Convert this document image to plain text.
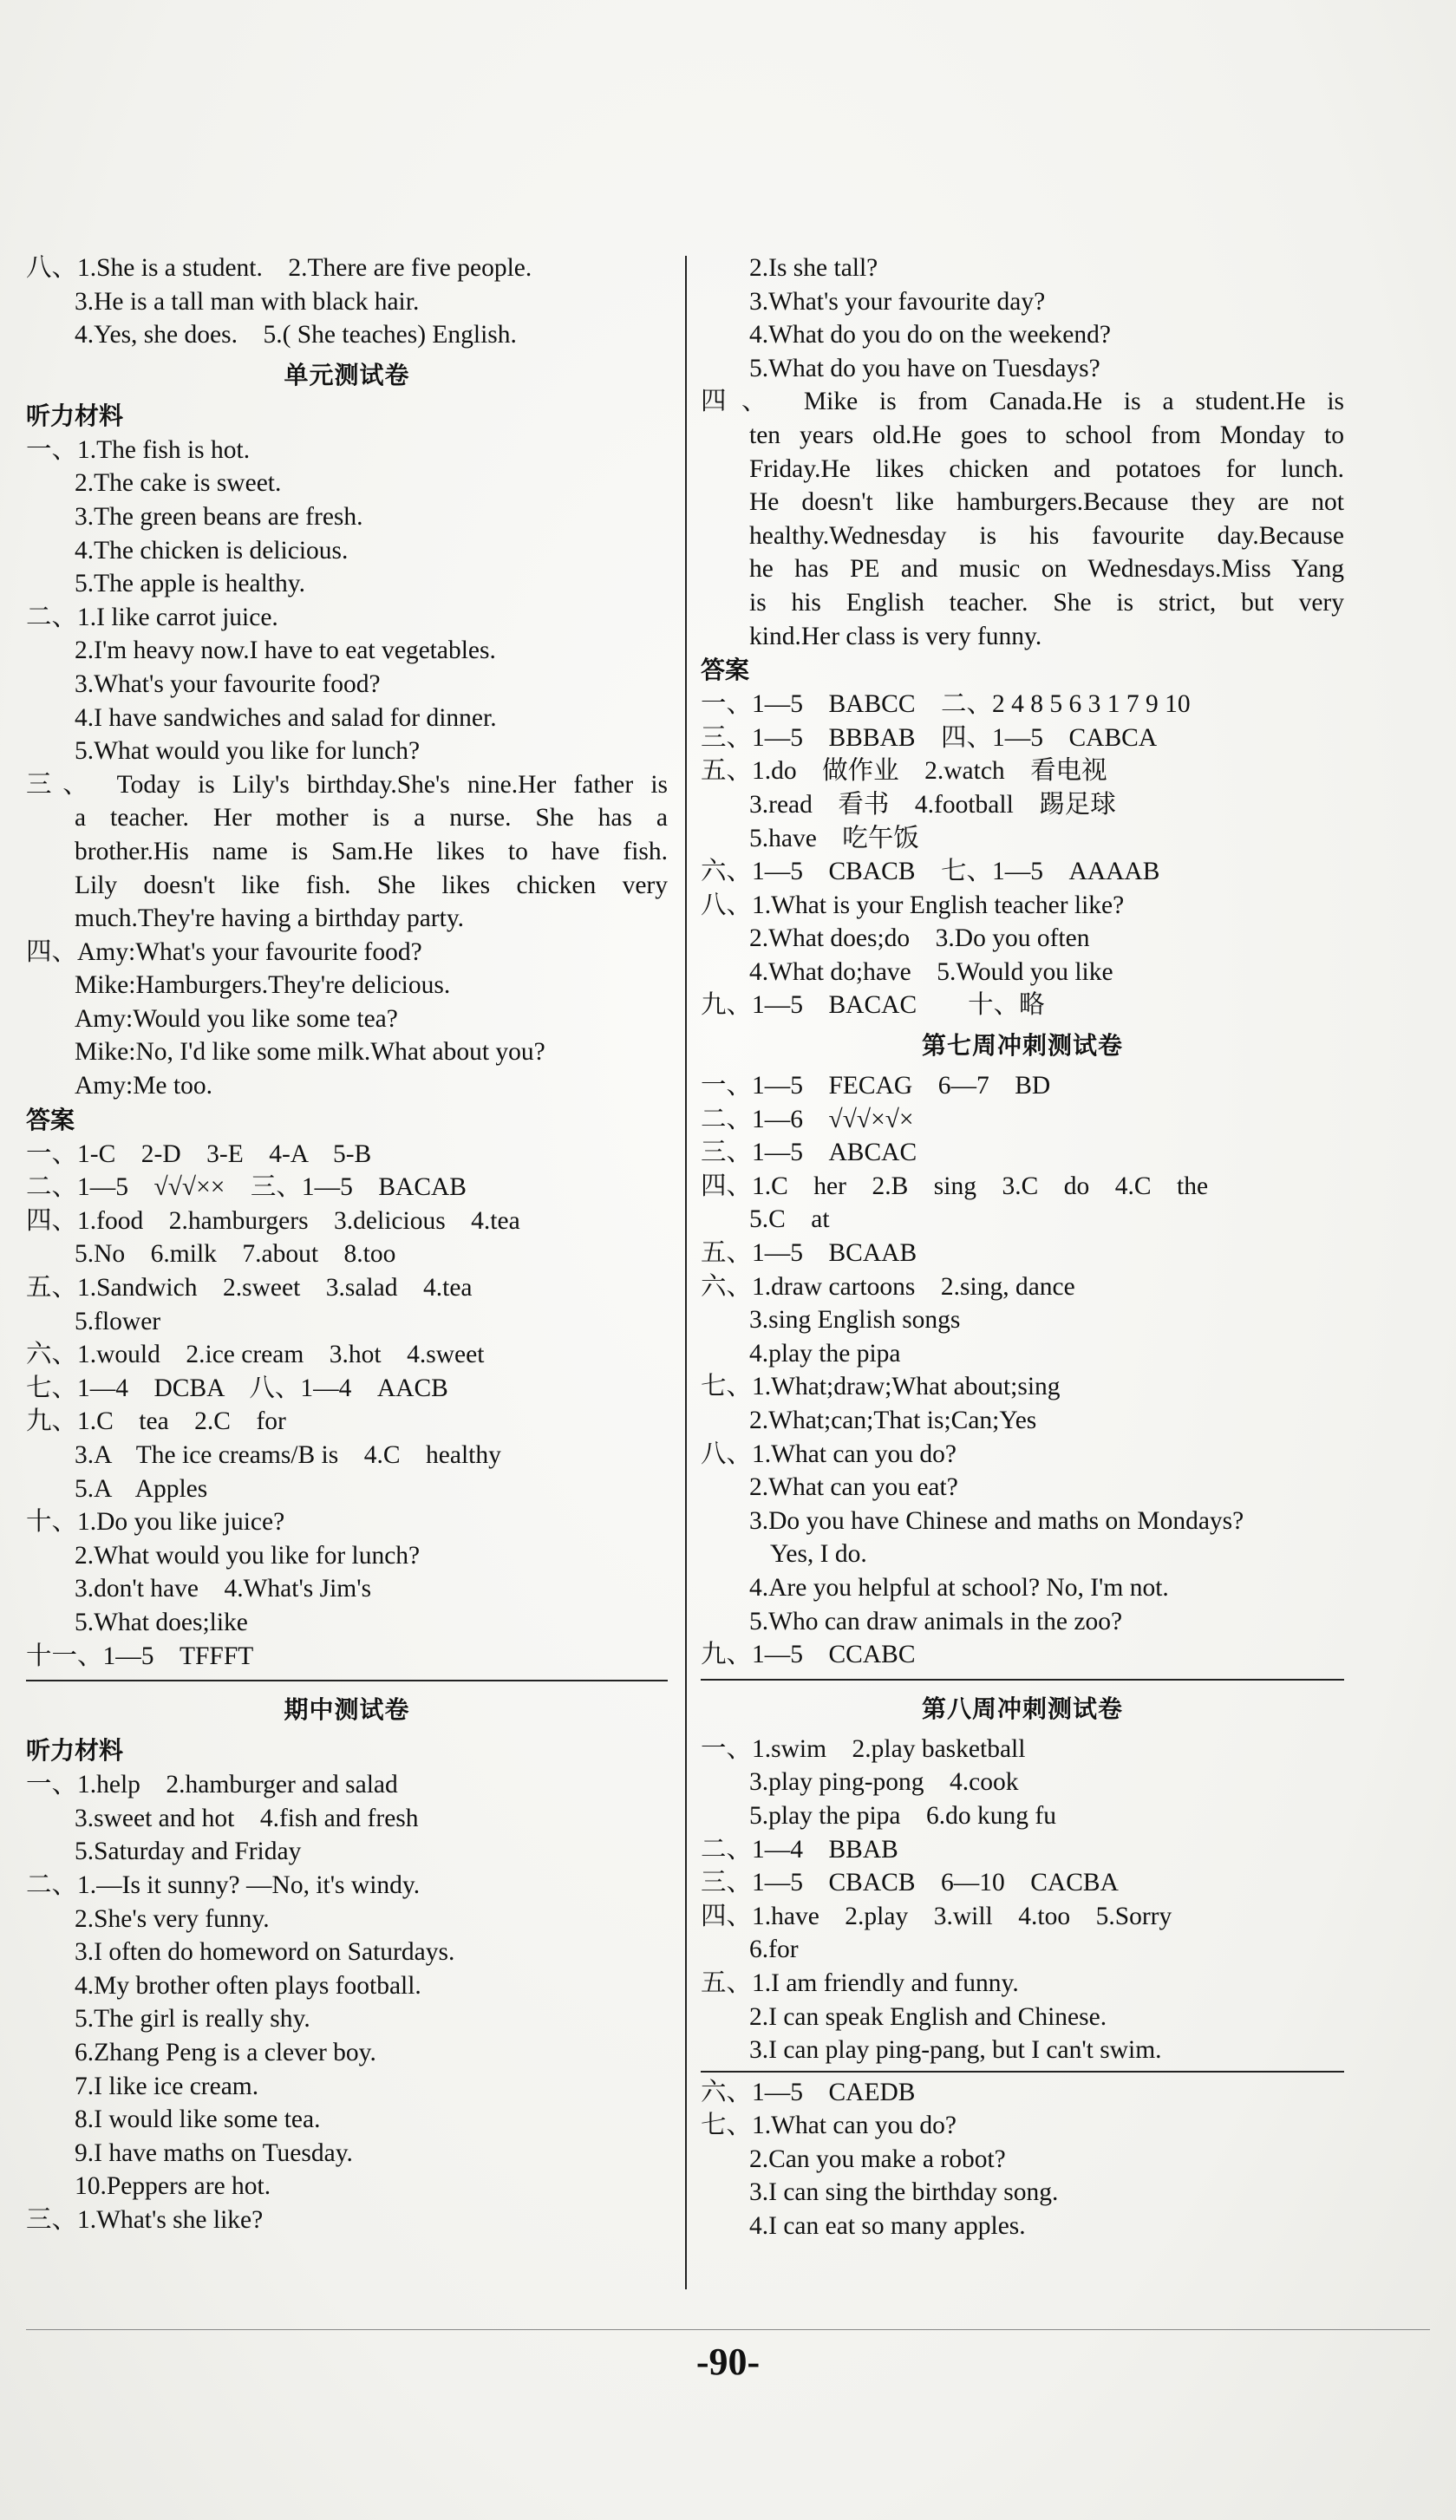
八、1.She is a student.    2.There are five people.
3.He is a tall man with black hair.
4.Yes, she does.    5.( She teaches) English.
单元测试卷
听力材料
一、1.The fish is hot.
2.The cake is sweet.
3.The green beans are fresh.
4.The chicken is delicious.
5.The apple is healthy.
二、1.I like carrot juice.
2.I'm heavy now.I have to eat vegetables.
3.What's your favourite food?
4.I have sandwiches and salad for dinner.
5.What would you like for lunch?
三、 Today is Lily's birthday.She's nine.Her father is
a teacher. Her mother is a nurse. She has a
brother.His name is Sam.He likes to have fish.
Lily doesn't like fish. She likes chicken very
much.They're having a birthday party.
四、Amy:What's your favourite food?
Mike:Hamburgers.They're delicious.
Amy:Would you like some tea?
Mike:No, I'd like some milk.What about you?
Amy:Me too.
答案
一、1-C    2-D    3-E    4-A    5-B
二、1—5    √√√××    三、1—5    BACAB
四、1.food    2.hamburgers    3.delicious    4.tea
5.No    6.milk    7.about    8.too
五、1.Sandwich    2.sweet    3.salad    4.tea
5.flower
六、1.would    2.ice cream    3.hot    4.sweet
七、1—4    DCBA    八、1—4    AACB
九、1.C    tea    2.C    for
3.A    The ice creams/B is    4.C    healthy
5.A    Apples
十、1.Do you like juice?
2.What would you like for lunch?
3.don't have    4.What's Jim's
5.What does;like
十一、1—5    TFFFT
期中测试卷
听力材料
一、1.help    2.hamburger and salad
3.sweet and hot    4.fish and fresh
5.Saturday and Friday
二、1.—Is it sunny? —No, it's windy.
2.She's very funny.
3.I often do homeword on Saturdays.
4.My brother often plays football.
5.The girl is really shy.
6.Zhang Peng is a clever boy.
7.I like ice cream.
8.I would like some tea.
9.I have maths on Tuesday.
10.Peppers are hot.
三、1.What's she like?
2.Is she tall?
3.What's your favourite day?
4.What do you do on the weekend?
5.What do you have on Tuesdays?
四、 Mike is from Canada.He is a student.He is
ten years old.He goes to school from Monday to
Friday.He likes chicken and potatoes for lunch.
He doesn't like hamburgers.Because they are not
healthy.Wednesday is his favourite day.Because
he has PE and music on Wednesdays.Miss Yang
is his English teacher. She is strict, but very
kind.Her class is very funny.
答案
一、1—5    BABCC    二、2 4 8 5 6 3 1 7 9 10
三、1—5    BBBAB    四、1—5    CABCA
五、1.do    做作业    2.watch    看电视
3.read    看书    4.football    踢足球
5.have    吃午饭
六、1—5    CBACB    七、1—5    AAAAB
八、1.What is your English teacher like?
2.What does;do    3.Do you often
4.What do;have    5.Would you like
九、1—5    BACAC        十、略
第七周冲刺测试卷
一、1—5    FECAG    6—7    BD
二、1—6    √√√×√×
三、1—5    ABCAC
四、1.C    her    2.B    sing    3.C    do    4.C    the
5.C    at
五、1—5    BCAAB
六、1.draw cartoons    2.sing, dance
3.sing English songs
4.play the pipa
七、1.What;draw;What about;sing
2.What;can;That is;Can;Yes
八、1.What can you do?
2.What can you eat?
3.Do you have Chinese and maths on Mondays?
Yes, I do.
4.Are you helpful at school? No, I'm not.
5.Who can draw animals in the zoo?
九、1—5    CCABC
第八周冲刺测试卷
一、1.swim    2.play basketball
3.play ping-pong    4.cook
5.play the pipa    6.do kung fu
二、1—4    BBAB
三、1—5    CBACB    6—10    CACBA
四、1.have    2.play    3.will    4.too    5.Sorry
6.for
五、1.I am friendly and funny.
2.I can speak English and Chinese.
3.I can play ping-pang, but I can't swim.
六、1—5    CAEDB
七、1.What can you do?
2.Can you make a robot?
3.I can sing the birthday song.
4.I can eat so many apples.
-90-
